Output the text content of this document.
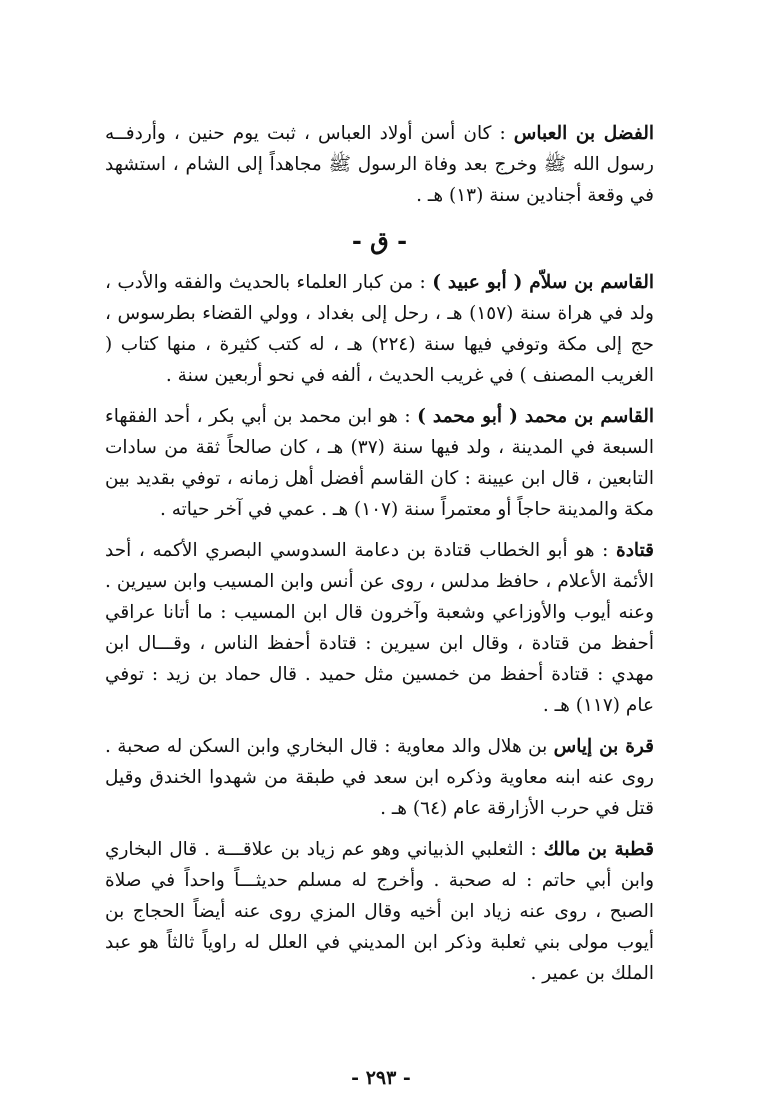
الفضل بن العباس : كان أسن أولاد العباس ، ثبت يوم حنين ، وأردفــه رسول الله ﷺ وخرج بعد وفاة الرسول ﷺ مجاهداً إلى الشام ، استشهد في وقعة أجنادين سنة (١٣) هـ .

- ق -

القاسم بن سلاّم ( أبو عبيد ) : من كبار العلماء بالحديث والفقه والأدب ، ولد في هراة سنة (١٥٧) هـ ، رحل إلى بغداد ، وولي القضاء بطرسوس ، حج إلى مكة وتوفي فيها سنة (٢٢٤) هـ ، له كتب كثيرة ، منها كتاب ( الغريب المصنف ) في غريب الحديث ، ألفه في نحو أربعين سنة .

القاسم بن محمد ( أبو محمد ) : هو ابن محمد بن أبي بكر ، أحد الفقهاء السبعة في المدينة ، ولد فيها سنة (٣٧) هـ ، كان صالحاً ثقة من سادات التابعين ، قال ابن عيينة : كان القاسم أفضل أهل زمانه ، توفي بقديد بين مكة والمدينة حاجاً أو معتمراً سنة (١٠٧) هـ . عمي في آخر حياته .

قتادة : هو أبو الخطاب قتادة بن دعامة السدوسي البصري الأكمه ، أحد الأئمة الأعلام ، حافظ مدلس ، روى عن أنس وابن المسيب وابن سيرين . وعنه أيوب والأوزاعي وشعبة وآخرون قال ابن المسيب : ما أتانا عراقي أحفظ من قتادة ، وقال ابن سيرين : قتادة أحفظ الناس ، وقـــال ابن مهدي : قتادة أحفظ من خمسين مثل حميد . قال حماد بن زيد : توفي عام (١١٧) هـ .

قرة بن إياس بن هلال والد معاوية : قال البخاري وابن السكن له صحبة . روى عنه ابنه معاوية وذكره ابن سعد في طبقة من شهدوا الخندق وقيل قتل في حرب الأزارقة عام (٦٤) هـ .

قطبة بن مالك : الثعلبي الذبياني وهو عم زياد بن علاقـــة . قال البخاري وابن أبي حاتم : له صحبة . وأخرج له مسلم حديثـــاً واحداً في صلاة الصبح ، روى عنه زياد ابن أخيه وقال المزي روى عنه أيضاً الحجاج بن أيوب مولى بني ثعلبة وذكر ابن المديني في العلل له راوياً ثالثاً هو عبد الملك بن عمير .

- ٢٩٣ -
